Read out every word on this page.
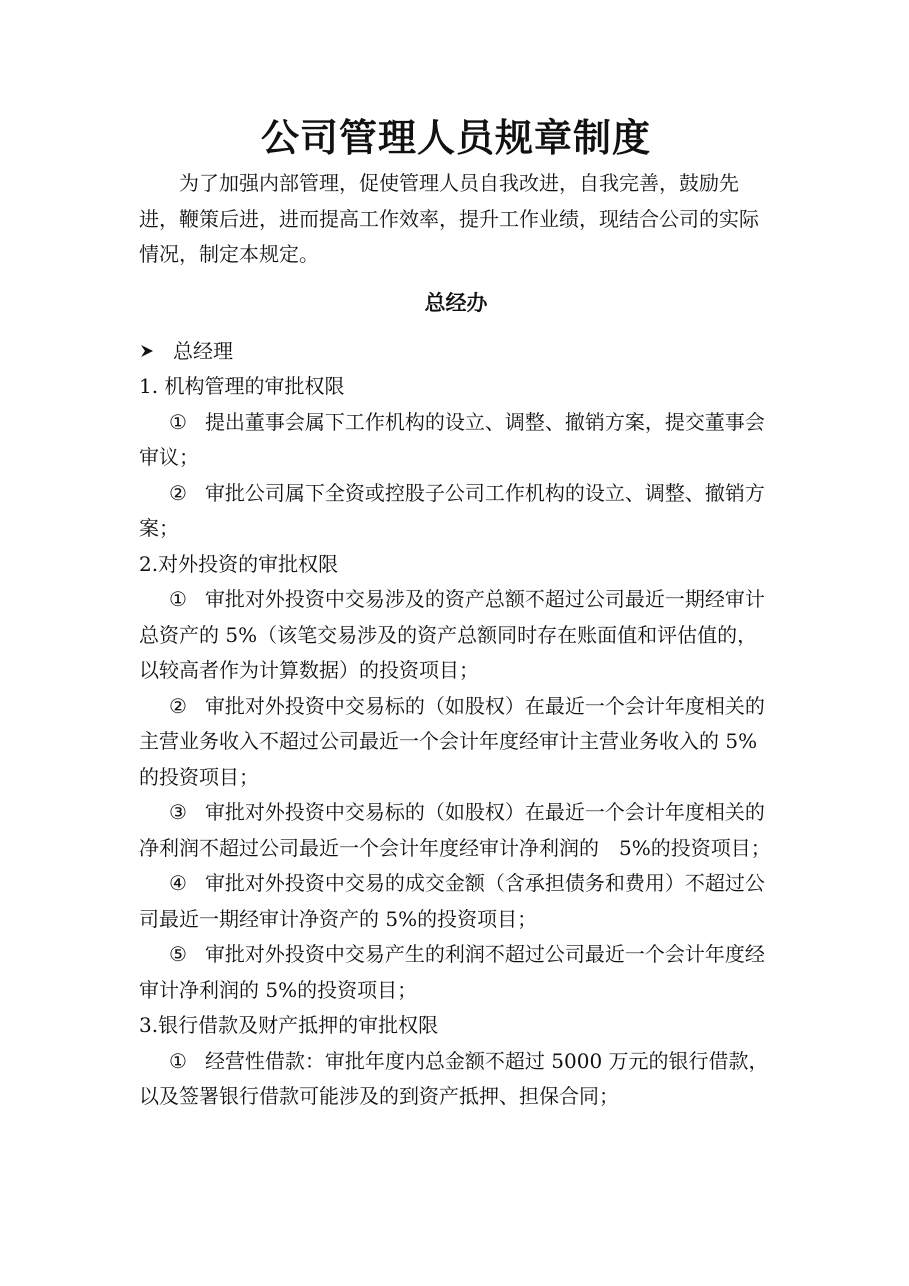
公司管理人员规章制度

为了加强内部管理，促使管理人员自我改进，自我完善，鼓励先进，鞭策后进，进而提高工作效率，提升工作业绩，现结合公司的实际情况，制定本规定。

总经办

总经理

1. 机构管理的审批权限

① 提出董事会属下工作机构的设立、调整、撤销方案，提交董事会审议；

② 审批公司属下全资或控股子公司工作机构的设立、调整、撤销方案；

2.对外投资的审批权限

① 审批对外投资中交易涉及的资产总额不超过公司最近一期经审计总资产的 5%（该笔交易涉及的资产总额同时存在账面值和评估值的，以较高者作为计算数据）的投资项目；

② 审批对外投资中交易标的（如股权）在最近一个会计年度相关的主营业务收入不超过公司最近一个会计年度经审计主营业务收入的 5%的投资项目；

③ 审批对外投资中交易标的（如股权）在最近一个会计年度相关的净利润不超过公司最近一个会计年度经审计净利润的　5%的投资项目；

④ 审批对外投资中交易的成交金额（含承担债务和费用）不超过公司最近一期经审计净资产的 5%的投资项目；

⑤ 审批对外投资中交易产生的利润不超过公司最近一个会计年度经审计净利润的 5%的投资项目；

3.银行借款及财产抵押的审批权限

① 经营性借款：审批年度内总金额不超过 5000 万元的银行借款，以及签署银行借款可能涉及的到资产抵押、担保合同；
